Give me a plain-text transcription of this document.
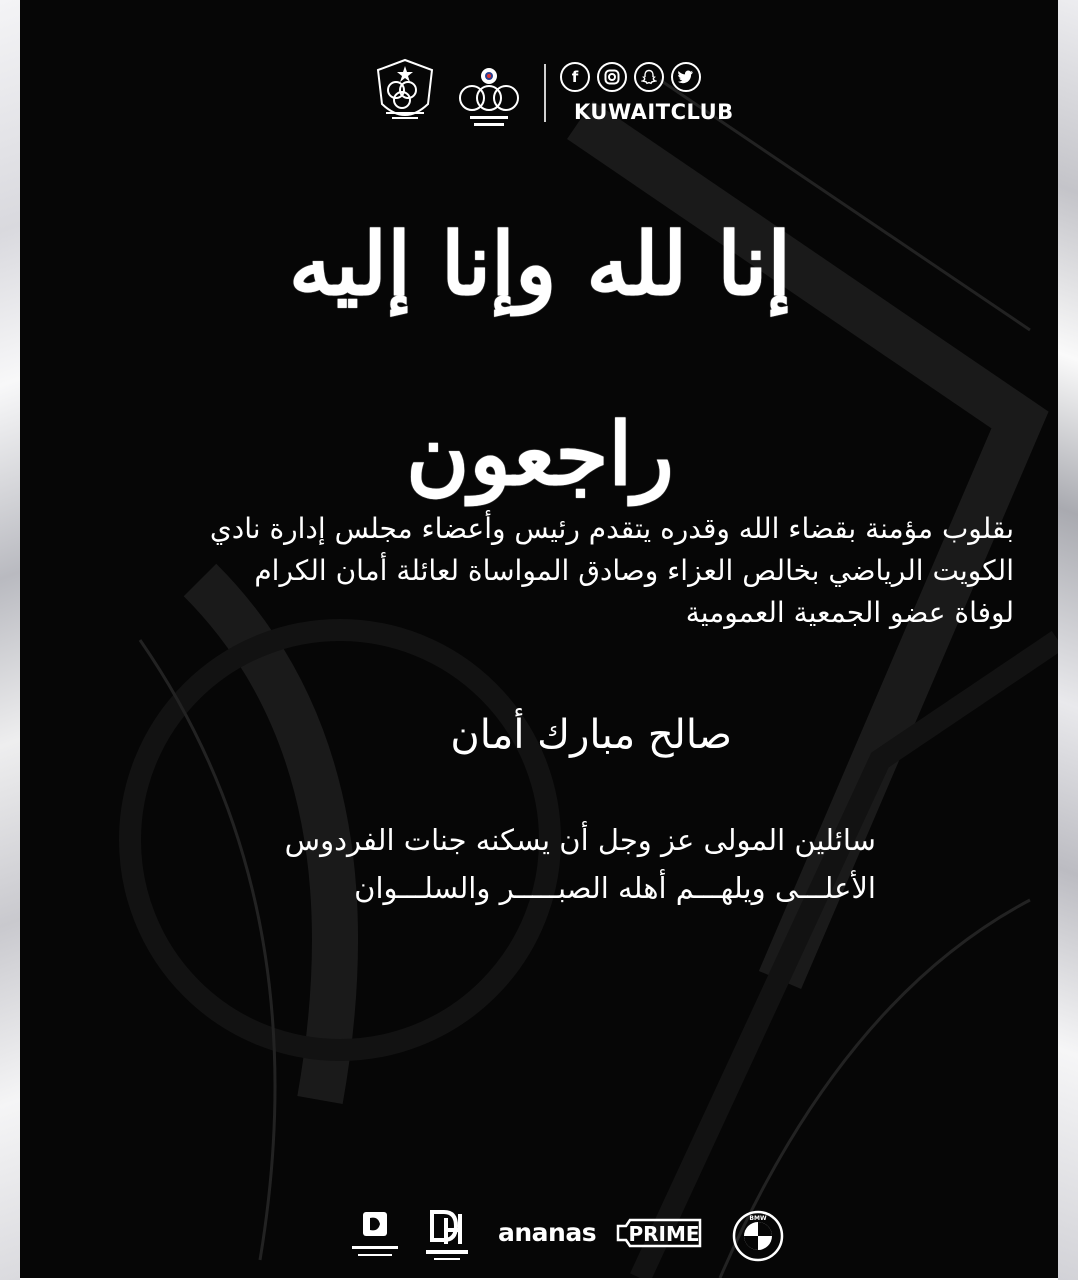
f
KUWAITCLUB
إنا لله وإنا إليه راجعون
بقلوب مؤمنة بقضاء الله وقدره يتقدم رئيس وأعضاء مجلس إدارة نادي
الكويت الرياضي بخالص العزاء وصادق المواساة لعائلة أمان الكرام
لوفاة عضو الجمعية العمومية
صالح مبارك أمان
سائلين المولى عز وجل أن يسكنه جنات الفردوس
الأعلـــى ويلهـــم أهله الصبـــــر والسلـــوان
ananas PRIME
BMW
